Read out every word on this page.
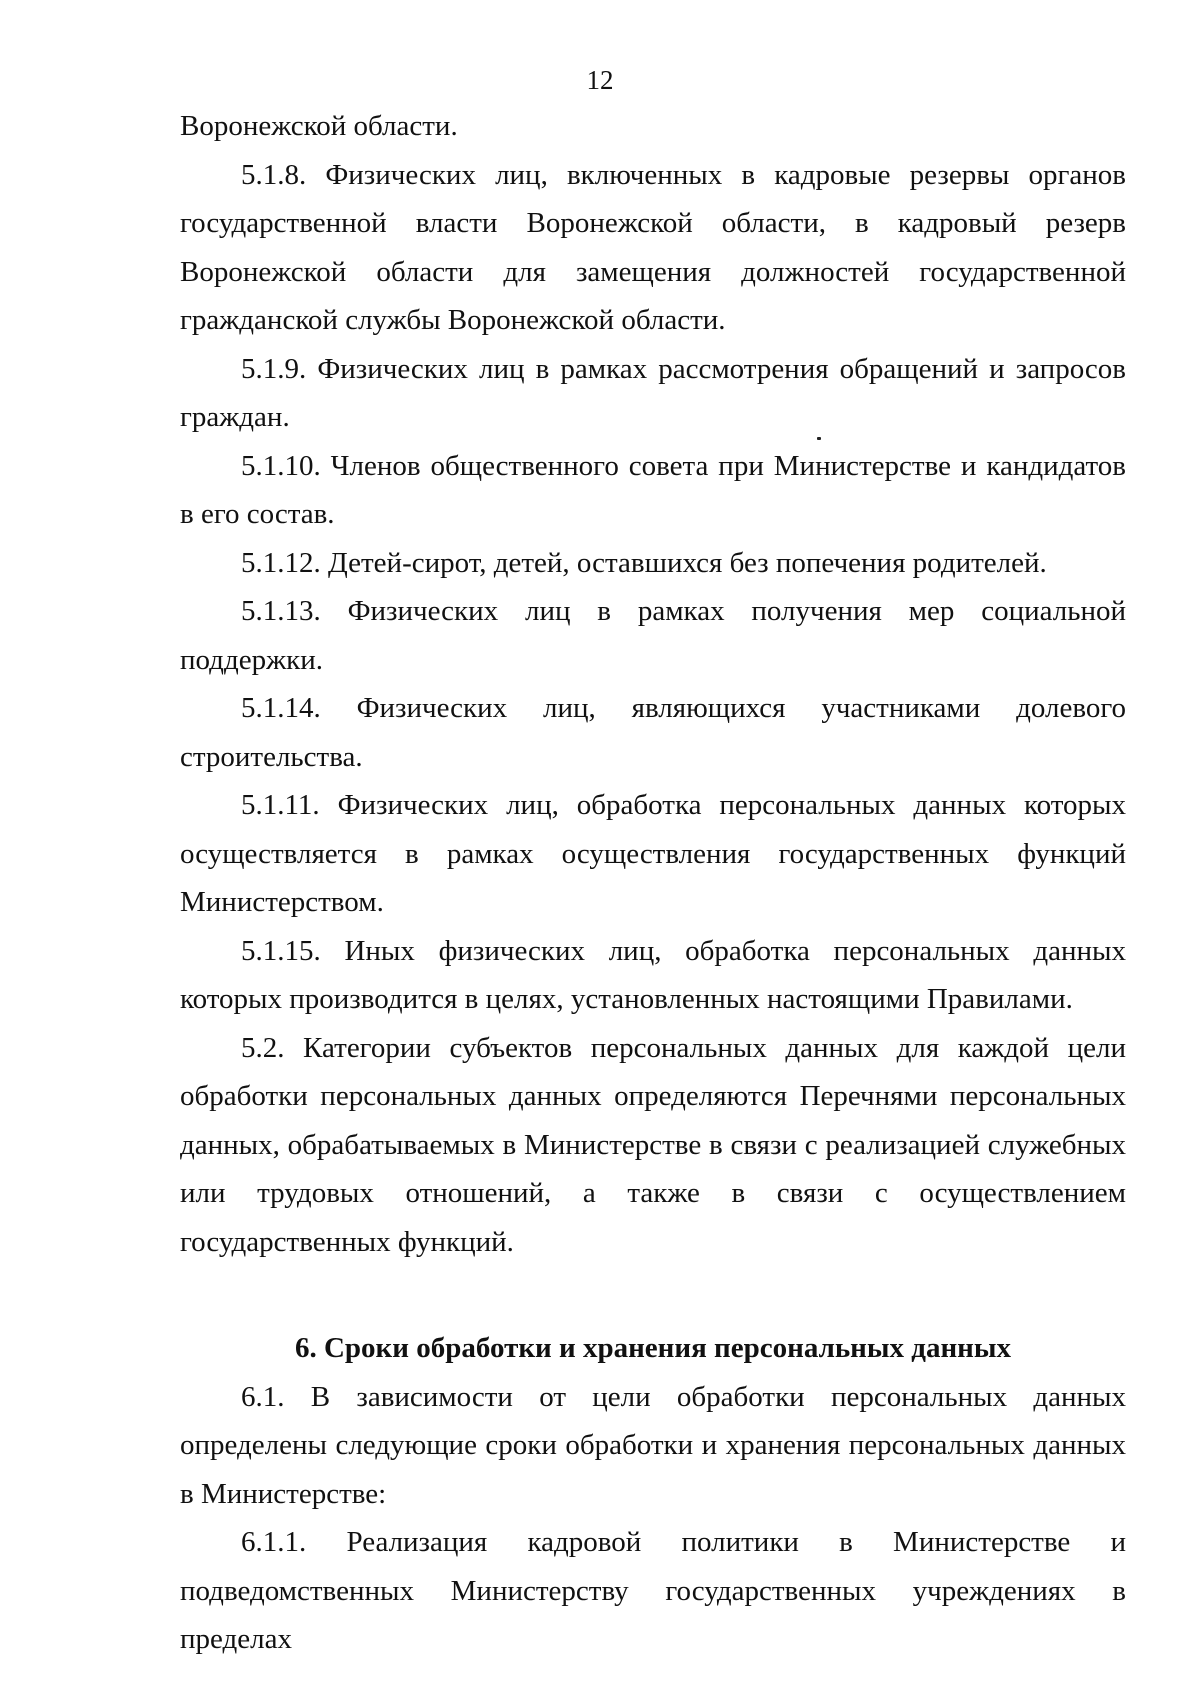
12

Воронежской области.

5.1.8. Физических лиц, включенных в кадровые резервы органов государственной власти Воронежской области, в кадровый резерв Воронежской области для замещения должностей государственной гражданской службы Воронежской области.

5.1.9. Физических лиц в рамках рассмотрения обращений и запросов граждан.

5.1.10. Членов общественного совета при Министерстве и кандидатов в его состав.

5.1.12. Детей-сирот, детей, оставшихся без попечения родителей.

5.1.13. Физических лиц в рамках получения мер социальной поддержки.

5.1.14. Физических лиц, являющихся участниками долевого строительства.

5.1.11. Физических лиц, обработка персональных данных которых осуществляется в рамках осуществления государственных функций Министерством.

5.1.15. Иных физических лиц, обработка персональных данных которых производится в целях, установленных настоящими Правилами.

5.2. Категории субъектов персональных данных для каждой цели обработки персональных данных определяются Перечнями персональных данных, обрабатываемых в Министерстве в связи с реализацией служебных или трудовых отношений, а также в связи с осуществлением государственных функций.

6. Сроки обработки и хранения персональных данных

6.1. В зависимости от цели обработки персональных данных определены следующие сроки обработки и хранения персональных данных в Министерстве:

6.1.1. Реализация кадровой политики в Министерстве и подведомственных Министерству государственных учреждениях в пределах
